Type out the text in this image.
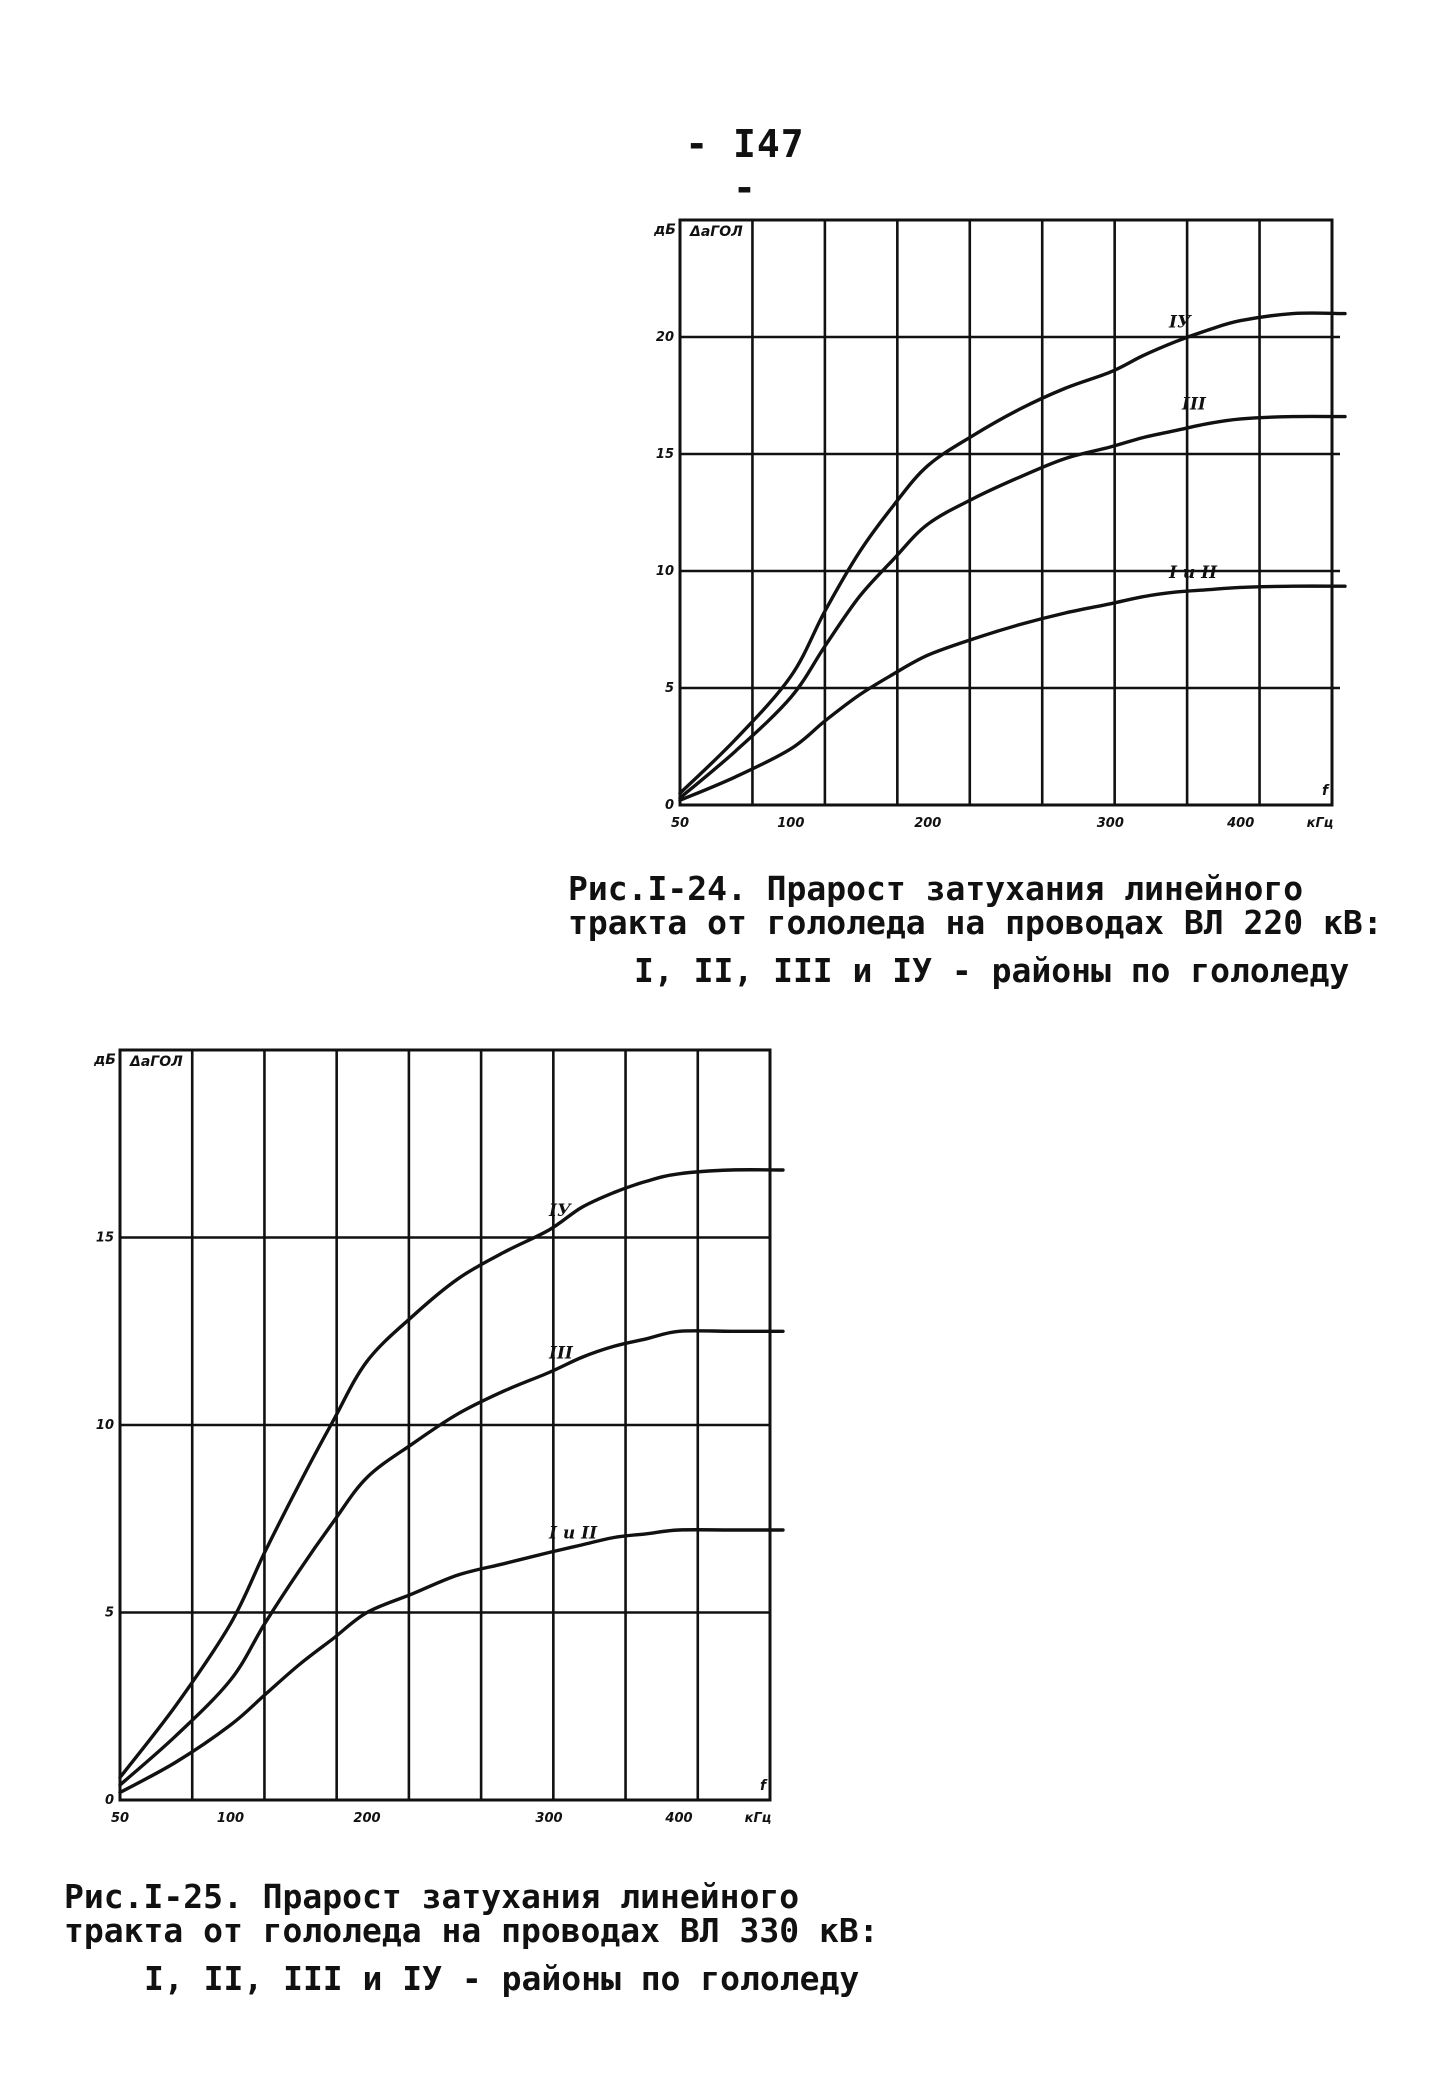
- I47 -
0
5
10
15
20
50	100	200	300	400	кГц
дБ ΔaГОЛ
f
IУ
III
I и II
Рис.I-24. Прарост затухания линейного
тракта от гололеда на проводах ВЛ 220 кВ:
I, II, III и IУ - районы по гололеду
0
5
10
15
50	100	200	300	400	кГц
дБ ΔaГОЛ
f
IУ
III
I и II
Рис.I-25. Прарост затухания линейного
тракта от гололеда на проводах ВЛ 330 кВ:
I, II, III и IУ - районы по гололеду
